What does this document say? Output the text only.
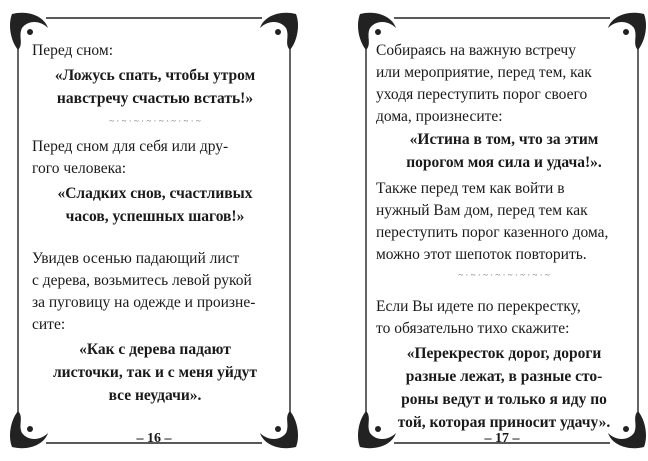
Перед сном:

«Ложусь спать, чтобы утром
навстречу счастью встать!»

~ · ~ · ~ · ~ · ~ · ~ · ~ · ~

Перед сном для себя или дру-
гого человека:

«Сладких снов, счастливых
часов, успешных шагов!»

Увидев осенью падающий лист
с дерева, возьмитесь левой рукой
за пуговицу на одежде и произне-
сите:

«Как с дерева падают
листочки, так и с меня уйдут
все неудачи».

– 16 –

Собираясь на важную встречу
или мероприятие, перед тем, как
уходя переступить порог своего
дома, произнесите:

«Истина в том, что за этим
порогом моя сила и удача!».

Также перед тем как войти в
нужный Вам дом, перед тем как
переступить порог казенного дома,
можно этот шепоток повторить.

~ · ~ · ~ · ~ · ~ · ~ · ~ · ~

Если Вы идете по перекрестку,
то обязательно тихо скажите:

«Перекресток дорог, дороги
разные лежат, в разные сто-
роны ведут и только я иду по
той, которая приносит удачу».

– 17 –
